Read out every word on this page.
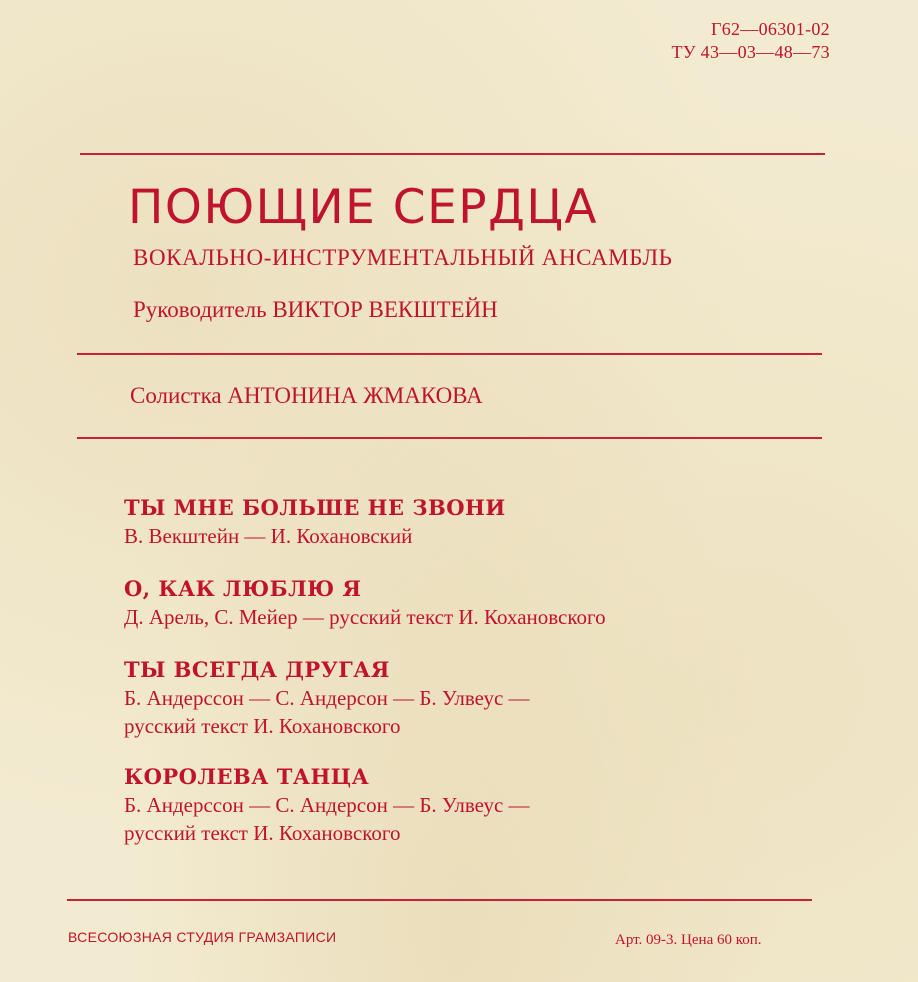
Г62—06301-02
ТУ 43—03—48—73
ПОЮЩИЕ СЕРДЦА
ВОКАЛЬНО-ИНСТРУМЕНТАЛЬНЫЙ АНСАМБЛЬ
Руководитель ВИКТОР ВЕКШТЕЙН
Солистка АНТОНИНА ЖМАКОВА
ТЫ МНЕ БОЛЬШЕ НЕ ЗВОНИ
В. Векштейн — И. Кохановский
О, КАК ЛЮБЛЮ Я
Д. Арель, С. Мейер — русский текст И. Кохановского
ТЫ ВСЕГДА ДРУГАЯ
Б. Андерссон — С. Андерсон — Б. Улвеус —
русский текст И. Кохановского
КОРОЛЕВА ТАНЦА
Б. Андерссон — С. Андерсон — Б. Улвеус —
русский текст И. Кохановского
ВСЕСОЮЗНАЯ СТУДИЯ ГРАМЗАПИСИ	Арт. 09-3. Цена 60 коп.
